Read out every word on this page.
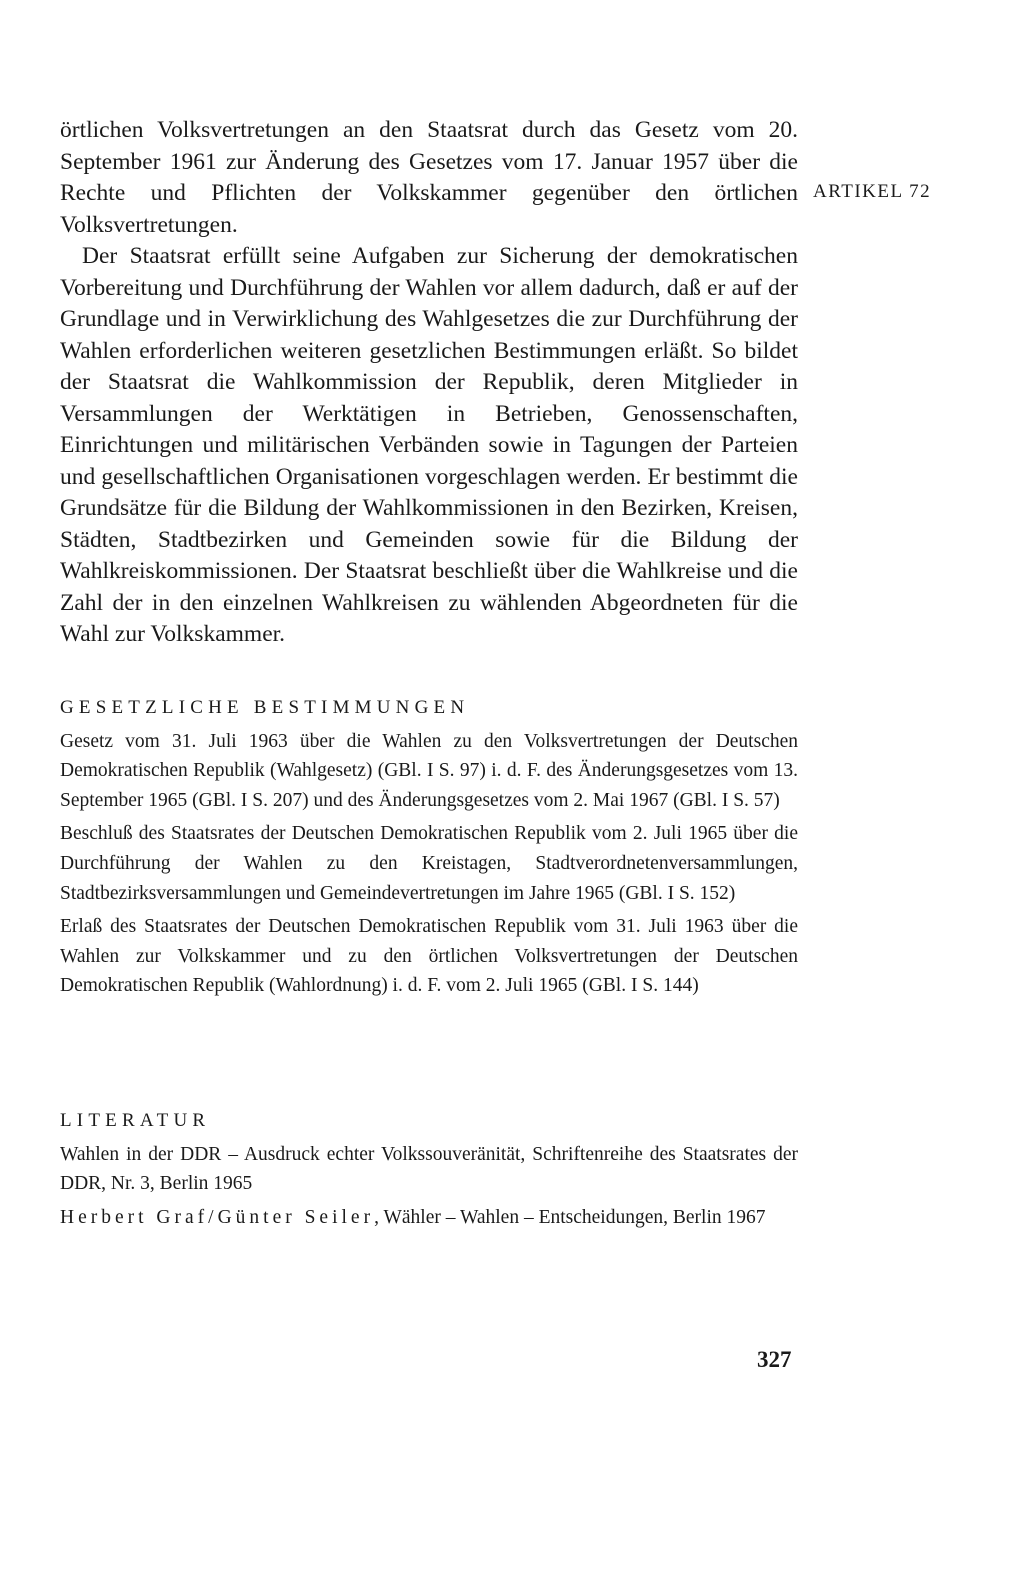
ARTIKEL 72

örtlichen Volksvertretungen an den Staatsrat durch das Gesetz vom 20. September 1961 zur Änderung des Gesetzes vom 17. Januar 1957 über die Rechte und Pflichten der Volkskammer gegenüber den örtlichen Volksvertretungen.

Der Staatsrat erfüllt seine Aufgaben zur Sicherung der demokratischen Vorbereitung und Durchführung der Wahlen vor allem dadurch, daß er auf der Grundlage und in Verwirklichung des Wahlgesetzes die zur Durchführung der Wahlen erforderlichen weiteren gesetzlichen Bestimmungen erläßt. So bildet der Staatsrat die Wahlkommission der Republik, deren Mitglieder in Versammlungen der Werktätigen in Betrieben, Genossenschaften, Einrichtungen und militärischen Verbänden sowie in Tagungen der Parteien und gesellschaftlichen Organisationen vorgeschlagen werden. Er bestimmt die Grundsätze für die Bildung der Wahlkommissionen in den Bezirken, Kreisen, Städten, Stadtbezirken und Gemeinden sowie für die Bildung der Wahlkreiskommissionen. Der Staatsrat beschließt über die Wahlkreise und die Zahl der in den einzelnen Wahlkreisen zu wählenden Abgeordneten für die Wahl zur Volkskammer.

GESETZLICHE BESTIMMUNGEN

Gesetz vom 31. Juli 1963 über die Wahlen zu den Volksvertretungen der Deutschen Demokratischen Republik (Wahlgesetz) (GBl. I S. 97) i. d. F. des Änderungsgesetzes vom 13. September 1965 (GBl. I S. 207) und des Änderungsgesetzes vom 2. Mai 1967 (GBl. I S. 57)

Beschluß des Staatsrates der Deutschen Demokratischen Republik vom 2. Juli 1965 über die Durchführung der Wahlen zu den Kreistagen, Stadtverordnetenversammlungen, Stadtbezirksversammlungen und Gemeindevertretungen im Jahre 1965 (GBl. I S. 152)

Erlaß des Staatsrates der Deutschen Demokratischen Republik vom 31. Juli 1963 über die Wahlen zur Volkskammer und zu den örtlichen Volksvertretungen der Deutschen Demokratischen Republik (Wahlordnung) i. d. F. vom 2. Juli 1965 (GBl. I S. 144)

LITERATUR

Wahlen in der DDR – Ausdruck echter Volkssouveränität, Schriftenreihe des Staatsrates der DDR, Nr. 3, Berlin 1965

Herbert Graf/Günter Seiler, Wähler – Wahlen – Entscheidungen, Berlin 1967

327
